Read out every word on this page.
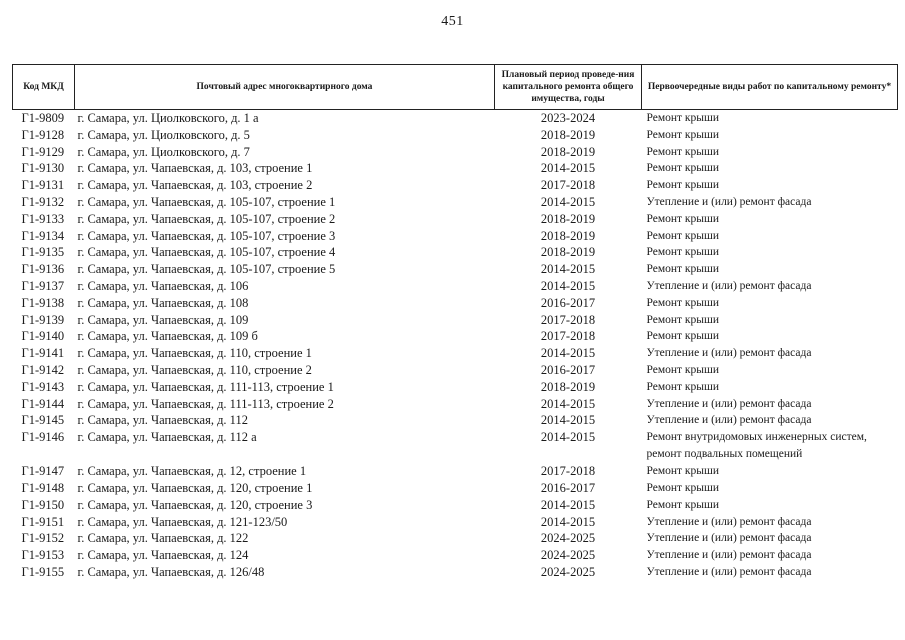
451
Код МКД	Почтовый адрес многоквартирного дома	Плановый период проведе-ния капитального ремонта общего имущества, годы	Первоочередные виды работ по капитальному ремонту*
Г1-9809	г. Самара, ул. Циолковского, д. 1 а	2023-2024	Ремонт крыши
Г1-9128	г. Самара, ул. Циолковского, д. 5	2018-2019	Ремонт крыши
Г1-9129	г. Самара, ул. Циолковского, д. 7	2018-2019	Ремонт крыши
Г1-9130	г. Самара, ул. Чапаевская, д. 103, строение 1	2014-2015	Ремонт крыши
Г1-9131	г. Самара, ул. Чапаевская, д. 103, строение 2	2017-2018	Ремонт крыши
Г1-9132	г. Самара, ул. Чапаевская, д. 105-107, строение 1	2014-2015	Утепление и (или) ремонт фасада
Г1-9133	г. Самара, ул. Чапаевская, д. 105-107, строение 2	2018-2019	Ремонт крыши
Г1-9134	г. Самара, ул. Чапаевская, д. 105-107, строение 3	2018-2019	Ремонт крыши
Г1-9135	г. Самара, ул. Чапаевская, д. 105-107, строение 4	2018-2019	Ремонт крыши
Г1-9136	г. Самара, ул. Чапаевская, д. 105-107, строение 5	2014-2015	Ремонт крыши
Г1-9137	г. Самара, ул. Чапаевская, д. 106	2014-2015	Утепление и (или) ремонт фасада
Г1-9138	г. Самара, ул. Чапаевская, д. 108	2016-2017	Ремонт крыши
Г1-9139	г. Самара, ул. Чапаевская, д. 109	2017-2018	Ремонт крыши
Г1-9140	г. Самара, ул. Чапаевская, д. 109 б	2017-2018	Ремонт крыши
Г1-9141	г. Самара, ул. Чапаевская, д. 110, строение 1	2014-2015	Утепление и (или) ремонт фасада
Г1-9142	г. Самара, ул. Чапаевская, д. 110, строение 2	2016-2017	Ремонт крыши
Г1-9143	г. Самара, ул. Чапаевская, д. 111-113, строение 1	2018-2019	Ремонт крыши
Г1-9144	г. Самара, ул. Чапаевская, д. 111-113, строение 2	2014-2015	Утепление и (или) ремонт фасада
Г1-9145	г. Самара, ул. Чапаевская, д. 112	2014-2015	Утепление и (или) ремонт фасада
Г1-9146	г. Самара, ул. Чапаевская, д. 112 а	2014-2015	Ремонт внутридомовых инженерных систем, ремонт подвальных помещений
Г1-9147	г. Самара, ул. Чапаевская, д. 12, строение 1	2017-2018	Ремонт крыши
Г1-9148	г. Самара, ул. Чапаевская, д. 120, строение 1	2016-2017	Ремонт крыши
Г1-9150	г. Самара, ул. Чапаевская, д. 120, строение 3	2014-2015	Ремонт крыши
Г1-9151	г. Самара, ул. Чапаевская, д. 121-123/50	2014-2015	Утепление и (или) ремонт фасада
Г1-9152	г. Самара, ул. Чапаевская, д. 122	2024-2025	Утепление и (или) ремонт фасада
Г1-9153	г. Самара, ул. Чапаевская, д. 124	2024-2025	Утепление и (или) ремонт фасада
Г1-9155	г. Самара, ул. Чапаевская, д. 126/48	2024-2025	Утепление и (или) ремонт фасада
